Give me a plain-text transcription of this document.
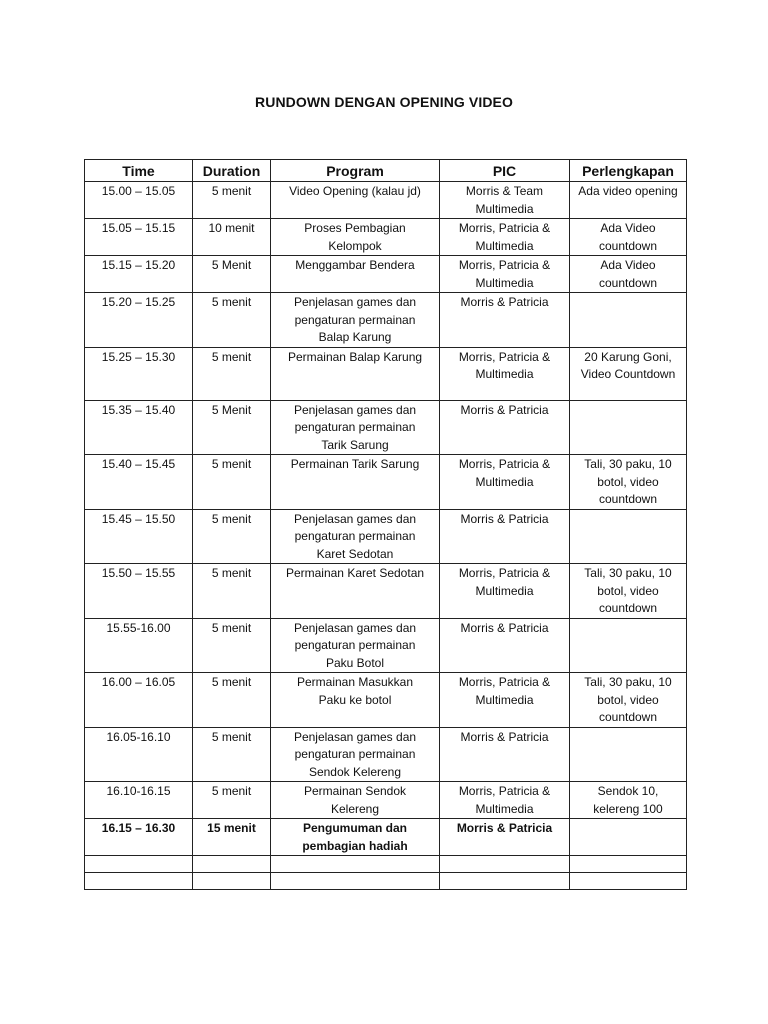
RUNDOWN DENGAN OPENING VIDEO
Time	Duration	Program	PIC	Perlengkapan
15.00 – 15.05	5 menit	Video Opening (kalau jd)	Morris & Team Multimedia	Ada video opening
15.05 – 15.15	10 menit	Proses Pembagian Kelompok	Morris, Patricia & Multimedia	Ada Video countdown
15.15 – 15.20	5 Menit	Menggambar Bendera	Morris, Patricia & Multimedia	Ada Video countdown
15.20 – 15.25	5 menit	Penjelasan games dan pengaturan permainan Balap Karung	Morris & Patricia	
15.25 – 15.30	5 menit	Permainan Balap Karung	Morris, Patricia & Multimedia	20 Karung Goni, Video Countdown
15.35 – 15.40	5 Menit	Penjelasan games dan pengaturan permainan Tarik Sarung	Morris & Patricia	
15.40 – 15.45	5 menit	Permainan Tarik Sarung	Morris, Patricia & Multimedia	Tali, 30 paku, 10 botol, video countdown
15.45 – 15.50	5 menit	Penjelasan games dan pengaturan permainan Karet Sedotan	Morris & Patricia	
15.50 – 15.55	5 menit	Permainan Karet Sedotan	Morris, Patricia & Multimedia	Tali, 30 paku, 10 botol, video countdown
15.55-16.00	5 menit	Penjelasan games dan pengaturan permainan Paku Botol	Morris & Patricia	
16.00 – 16.05	5 menit	Permainan Masukkan Paku ke botol	Morris, Patricia & Multimedia	Tali, 30 paku, 10 botol, video countdown
16.05-16.10	5 menit	Penjelasan games dan pengaturan permainan Sendok Kelereng	Morris & Patricia	
16.10-16.15	5 menit	Permainan Sendok Kelereng	Morris, Patricia & Multimedia	Sendok 10, kelereng 100
16.15 – 16.30	15 menit	Pengumuman dan pembagian hadiah	Morris & Patricia	
